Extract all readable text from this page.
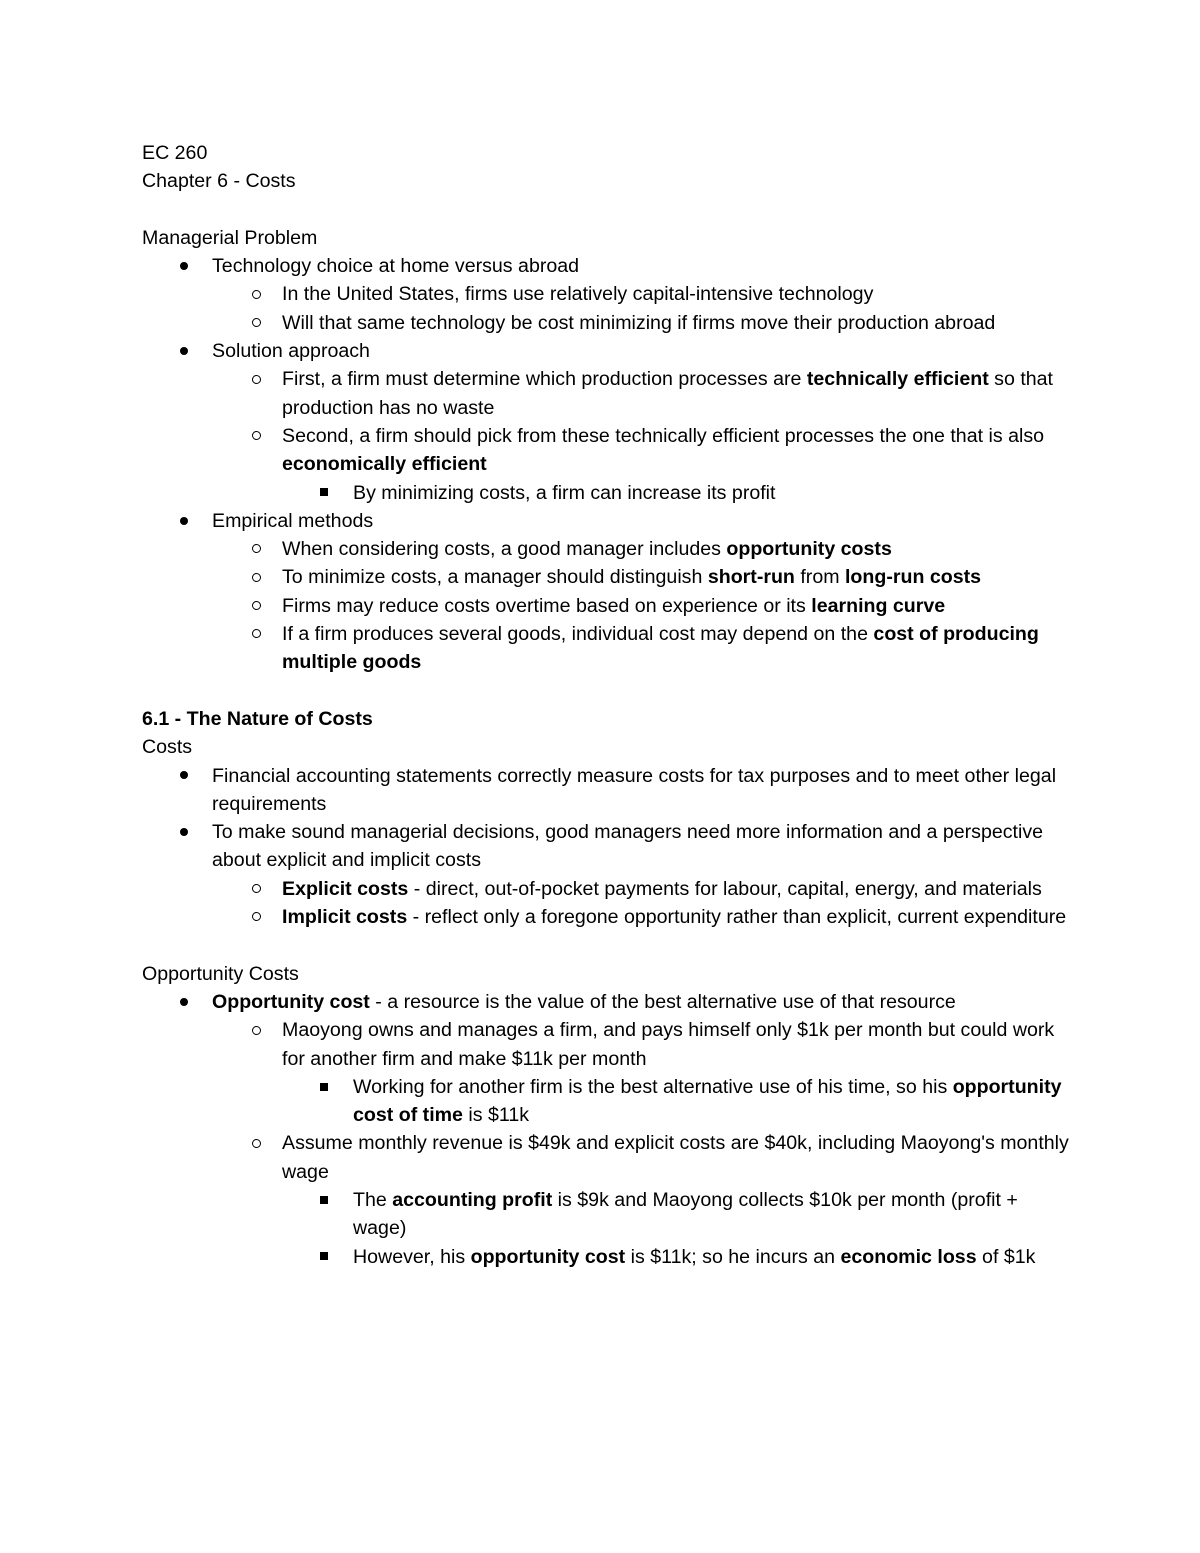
EC 260
Chapter 6 - Costs
Managerial Problem
Technology choice at home versus abroad
In the United States, firms use relatively capital-intensive technology
Will that same technology be cost minimizing if firms move their production abroad
Solution approach
First, a firm must determine which production processes are technically efficient so that production has no waste
Second, a firm should pick from these technically efficient processes the one that is also economically efficient
By minimizing costs, a firm can increase its profit
Empirical methods
When considering costs, a good manager includes opportunity costs
To minimize costs, a manager should distinguish short-run from long-run costs
Firms may reduce costs overtime based on experience or its learning curve
If a firm produces several goods, individual cost may depend on the cost of producing multiple goods
6.1 - The Nature of Costs
Costs
Financial accounting statements correctly measure costs for tax purposes and to meet other legal requirements
To make sound managerial decisions, good managers need more information and a perspective about explicit and implicit costs
Explicit costs - direct, out-of-pocket payments for labour, capital, energy, and materials
Implicit costs - reflect only a foregone opportunity rather than explicit, current expenditure
Opportunity Costs
Opportunity cost - a resource is the value of the best alternative use of that resource
Maoyong owns and manages a firm, and pays himself only $1k per month but could work for another firm and make $11k per month
Working for another firm is the best alternative use of his time, so his opportunity cost of time is $11k
Assume monthly revenue is $49k and explicit costs are $40k, including Maoyong's monthly wage
The accounting profit is $9k and Maoyong collects $10k per month (profit + wage)
However, his opportunity cost is $11k; so he incurs an economic loss of $1k
